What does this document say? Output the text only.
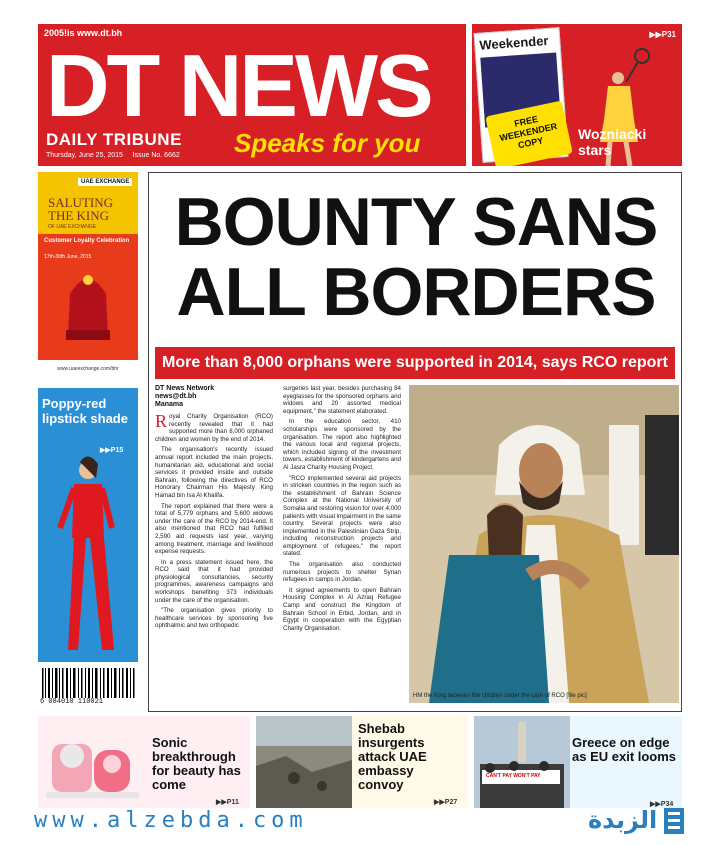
2005!is www.dt.bh
DT NEWS
DAILY TRIBUNE
Thursday, June 25, 2015 Issue No. 6662 Speaks for you
Weekender
FREE WEEKENDER COPY
▶▶P31
Wozniacki stars
UAE EXCHANGE
SALUTING THE KING
OF UAE EXCHANGE
Customer Loyalty Celebration
17th-30th June, 2015
www.uaeexchange.com/bhr
Poppy-red lipstick shade
▶▶P15
6 084010 110021
BOUNTY SANS
ALL BORDERS
More than 8,000 orphans were supported in 2014, says RCO report
DT News Network
news@dt.bh
Manama

Royal Charity Organisation (RCO) recently revealed that it had supported more than 8,000 orphaned children and women by the end of 2014.

The organisation's recently issued annual report included the main projects, humanitarian aid, educational and social services it provided inside and outside Bahrain, following the directives of RCO Honorary Chairman His Majesty King Hamad bin Isa Al Khalifa.

The report explained that there were a total of 5,779 orphans and 5,600 widows under the care of the RCO by 2014-end. It also mentioned that RCO had fulfilled 2,590 aid requests last year, varying among treatment, marriage and livelihood expense requests.

In a press statement issued here, the RCO said that it had provided physiological consultancies, security programmes, awareness campaigns and workshops benefiting 373 individuals under the care of the organisation.

"The organisation gives priority to healthcare services by sponsoring five ophthalmic and two orthopedic

surgeries last year, besides purchasing 84 eyeglasses for the sponsored orphans and widows and 20 assorted medical equipment," the statement elaborated.

In the education sector, 410 scholarships were sponsored by the organisation. The report also highlighted the various local and regional projects, which included signing of the investment towers, establishment of kindergartens and Al Jasra Charity Housing Project.

"RCO implemented several aid projects in stricken countries in the region such as the establishment of Bahrain Science Complex at the National University of Somalia and restoring vision for over 4,000 patients with visual impairment in the same country. Several projects were also implemented in the Palestinian Gaza Strip, including reconstruction projects and employment of refugees," the report stated.

The organisation also conducted numerous projects to shelter Syrian refugees in camps in Jordan.

It signed agreements to open Bahrain Housing Complex in Al Azraq Refugee Camp and construct the Kingdom of Bahrain School in Erbid, Jordan, and in Egypt in cooperation with the Egyptian Charity Organisation.

HM the King receives the children under the care of RCO [file pic]
Sonic breakthrough for beauty has come
▶▶P11
Shebab insurgents attack UAE embassy convoy
▶▶P27
CAN'T PAY WON'T PAY
Greece on edge as EU exit looms
▶▶P34
www.alzebda.com	الزبدة
